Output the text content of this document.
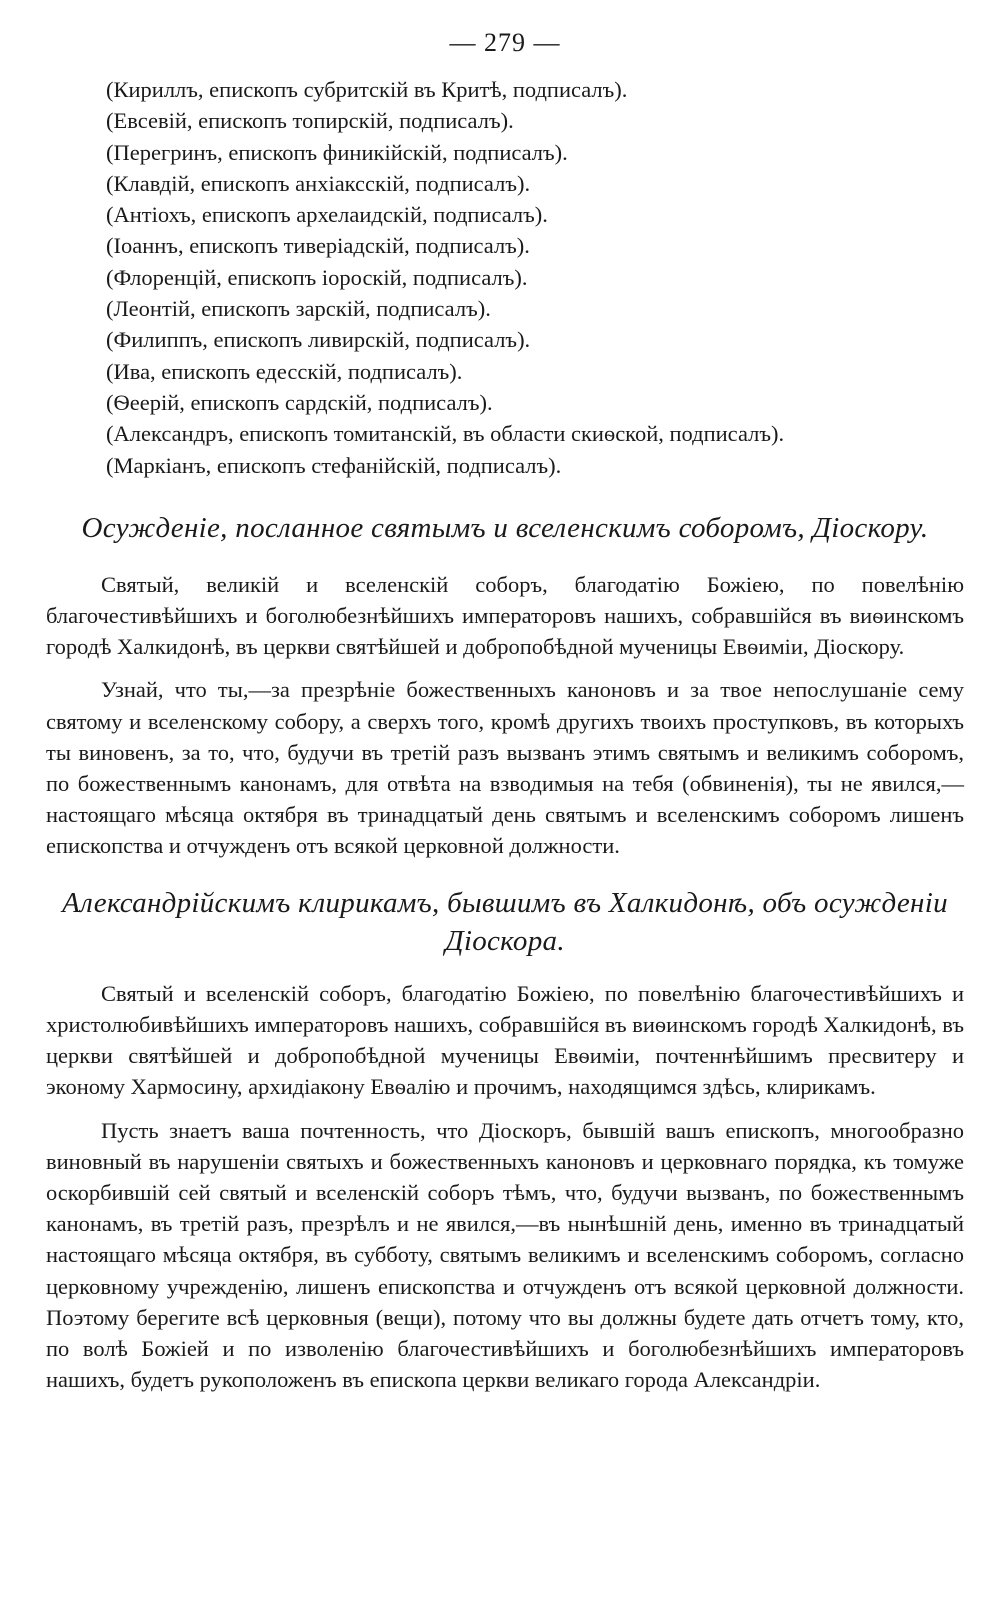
— 279 —
(Кириллъ, епископъ субритскій въ Критѣ, подписалъ).
(Евсевій, епископъ топирскій, подписалъ).
(Перегринъ, епископъ финикійскій, подписалъ).
(Клавдій, епископъ анхіаксскій, подписалъ).
(Антіохъ, епископъ архелаидскій, подписалъ).
(Іоаннъ, епископъ тиверіадскій, подписалъ).
(Флоренцій, епископъ іороскій, подписалъ).
(Леонтій, епископъ зарскій, подписалъ).
(Филиппъ, епископъ ливирскій, подписалъ).
(Ива, епископъ едесскій, подписалъ).
(Ѳеерій, епископъ сардскій, подписалъ).
(Александръ, епископъ томитанскій, въ области скиѳской, подписалъ).
(Маркіанъ, епископъ стефанійскій, подписалъ).
Осужденіе, посланное святымъ и вселенскимъ соборомъ, Діоскору.

Святый, великій и вселенскій соборъ, благодатію Божіею, по повелѣнію благочестивѣйшихъ и боголюбезнѣйшихъ императоровъ нашихъ, собравшійся въ виѳинскомъ городѣ Халкидонѣ, въ церкви святѣйшей и добропобѣдной мученицы Евѳиміи, Діоскору.

Узнай, что ты,—за презрѣніе божественныхъ каноновъ и за твое непослушаніе сему святому и вселенскому собору, а сверхъ того, кромѣ другихъ твоихъ проступковъ, въ которыхъ ты виновенъ, за то, что, будучи въ третій разъ вызванъ этимъ святымъ и великимъ соборомъ, по божественнымъ канонамъ, для отвѣта на взводимыя на тебя (обвиненія), ты не явился,—настоящаго мѣсяца октября въ тринадцатый день святымъ и вселенскимъ соборомъ лишенъ епископства и отчужденъ отъ всякой церковной должности.

Александрійскимъ клирикамъ, бывшимъ въ Халкидонѣ, объ осужденіи Діоскора.

Святый и вселенскій соборъ, благодатію Божіею, по повелѣнію благочестивѣйшихъ и христолюбивѣйшихъ императоровъ нашихъ, собравшійся въ виѳинскомъ городѣ Халкидонѣ, въ церкви святѣйшей и добропобѣдной мученицы Евѳиміи, почтеннѣйшимъ пресвитеру и эконому Хармосину, архидіакону Евѳалію и прочимъ, находящимся здѣсь, клирикамъ.

Пусть знаетъ ваша почтенность, что Діоскоръ, бывшій вашъ епископъ, многообразно виновный въ нарушеніи святыхъ и божественныхъ каноновъ и церковнаго порядка, къ томуже оскорбившій сей святый и вселенскій соборъ тѣмъ, что, будучи вызванъ, по божественнымъ канонамъ, въ третій разъ, презрѣлъ и не явился,—въ нынѣшній день, именно въ тринадцатый настоящаго мѣсяца октября, въ субботу, святымъ великимъ и вселенскимъ соборомъ, согласно церковному учрежденію, лишенъ епископства и отчужденъ отъ всякой церковной должности. Поэтому берегите всѣ церковныя (вещи), потому что вы должны будете дать отчетъ тому, кто, по волѣ Божіей и по изволенію благочестивѣйшихъ и боголюбезнѣйшихъ императоровъ нашихъ, будетъ рукоположенъ въ епископа церкви великаго города Александріи.
